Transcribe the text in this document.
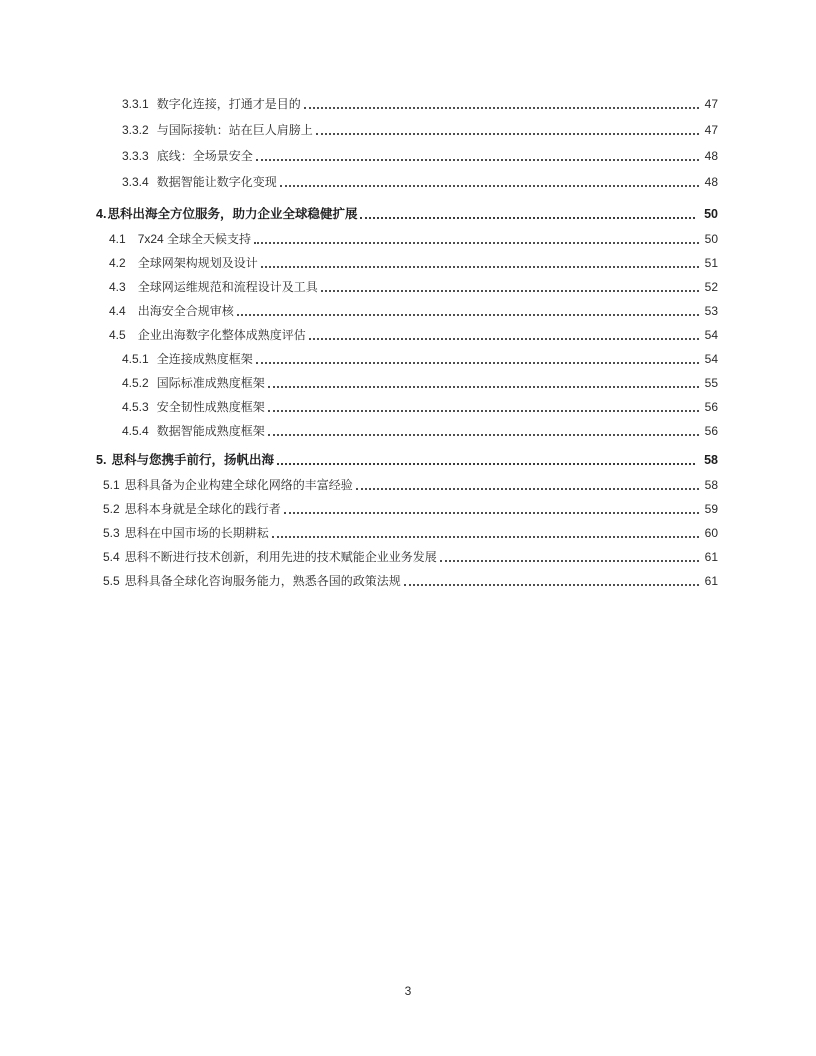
3.3.1 数字化连接，打通才是目的	47
3.3.2 与国际接轨：站在巨人肩膀上	47
3.3.3 底线：全场景安全	48
3.3.4 数据智能让数字化变现	48
4. 思科出海全方位服务，助力企业全球稳健扩展	50
4.1 7x24 全球全天候支持	50
4.2 全球网架构规划及设计	51
4.3 全球网运维规范和流程设计及工具	52
4.4 出海安全合规审核	53
4.5 企业出海数字化整体成熟度评估	54
4.5.1 全连接成熟度框架	54
4.5.2 国际标准成熟度框架	55
4.5.3 安全韧性成熟度框架	56
4.5.4 数据智能成熟度框架	56
5. 思科与您携手前行，扬帆出海	58
5.1 思科具备为企业构建全球化网络的丰富经验	58
5.2 思科本身就是全球化的践行者	59
5.3 思科在中国市场的长期耕耘	60
5.4 思科不断进行技术创新，利用先进的技术赋能企业业务发展	61
5.5 思科具备全球化咨询服务能力，熟悉各国的政策法规	61
3
